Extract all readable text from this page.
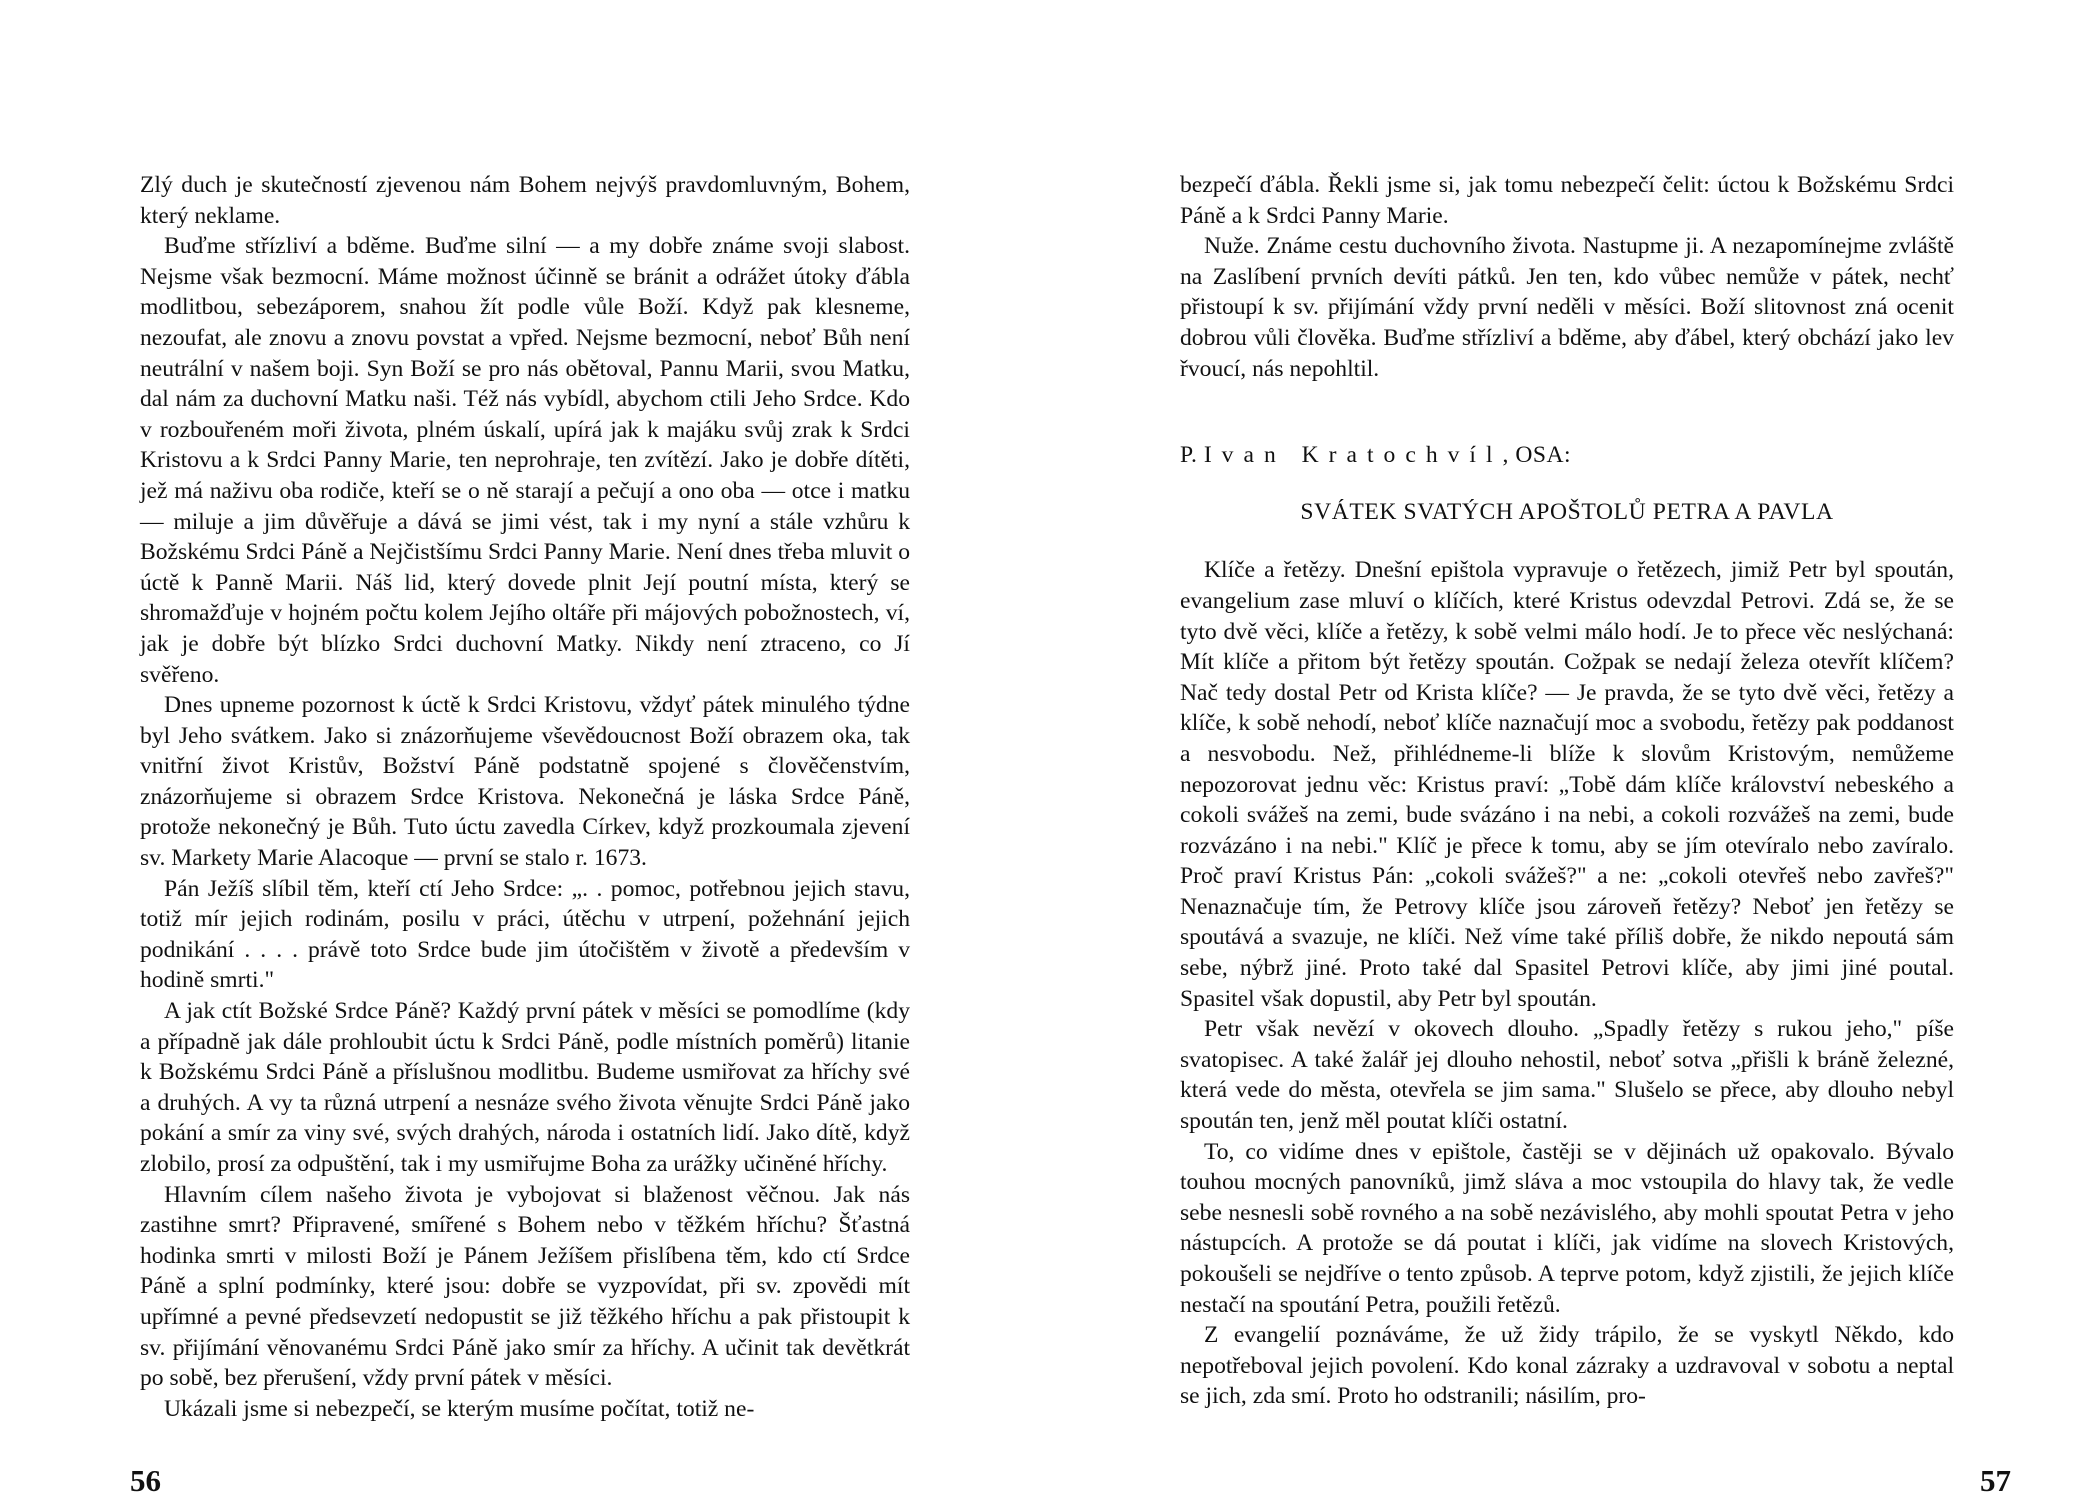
Zlý duch je skutečností zjevenou nám Bohem nejvýš pravdomluvným, Bohem, který neklame.

Buďme střízliví a bděme. Buďme silní — a my dobře známe svoji slabost. Nejsme však bezmocní. Máme možnost účinně se bránit a odrážet útoky ďábla modlitbou, sebezáporem, snahou žít podle vůle Boží. Když pak klesneme, nezoufat, ale znovu a znovu povstat a vpřed. Nejsme bezmocní, neboť Bůh není neutrální v našem boji. Syn Boží se pro nás obětoval, Pannu Marii, svou Matku, dal nám za duchovní Matku naši. Též nás vybídl, abychom ctili Jeho Srdce. Kdo v rozbouřeném moři života, plném úskalí, upírá jak k majáku svůj zrak k Srdci Kristovu a k Srdci Panny Marie, ten neprohraje, ten zvítězí. Jako je dobře dítěti, jež má naživu oba rodiče, kteří se o ně starají a pečují a ono oba — otce i matku — miluje a jim důvěřuje a dává se jimi vést, tak i my nyní a stále vzhůru k Božskému Srdci Páně a Nejčistšímu Srdci Panny Marie. Není dnes třeba mluvit o úctě k Panně Marii. Náš lid, který dovede plnit Její poutní místa, který se shromažďuje v hojném počtu kolem Jejího oltáře při májových pobožnostech, ví, jak je dobře být blízko Srdci duchovní Matky. Nikdy není ztraceno, co Jí svěřeno.

Dnes upneme pozornost k úctě k Srdci Kristovu, vždyť pátek minulého týdne byl Jeho svátkem. Jako si znázorňujeme vševědoucnost Boží obrazem oka, tak vnitřní život Kristův, Božství Páně podstatně spojené s člověčenstvím, znázorňujeme si obrazem Srdce Kristova. Nekonečná je láska Srdce Páně, protože nekonečný je Bůh. Tuto úctu zavedla Církev, když prozkoumala zjevení sv. Markety Marie Alacoque — první se stalo r. 1673.

Pán Ježíš slíbil těm, kteří ctí Jeho Srdce: „. . pomoc, potřebnou jejich stavu, totiž mír jejich rodinám, posilu v práci, útěchu v utrpení, požehnání jejich podnikání . . . . právě toto Srdce bude jim útočištěm v životě a především v hodině smrti."

A jak ctít Božské Srdce Páně? Každý první pátek v měsíci se pomodlíme (kdy a případně jak dále prohloubit úctu k Srdci Páně, podle místních poměrů) litanie k Božskému Srdci Páně a příslušnou modlitbu. Budeme usmiřovat za hříchy své a druhých. A vy ta různá utrpení a nesnáze svého života věnujte Srdci Páně jako pokání a smír za viny své, svých drahých, národa i ostatních lidí. Jako dítě, když zlobilo, prosí za odpuštění, tak i my usmiřujme Boha za urážky učiněné hříchy.

Hlavním cílem našeho života je vybojovat si blaženost věčnou. Jak nás zastihne smrt? Připravené, smířené s Bohem nebo v těžkém hříchu? Šťastná hodinka smrti v milosti Boží je Pánem Ježíšem přislíbena těm, kdo ctí Srdce Páně a splní podmínky, které jsou: dobře se vyzpovídat, při sv. zpovědi mít upřímné a pevné předsevzetí nedopustit se již těžkého hříchu a pak přistoupit k sv. přijímání věnovanému Srdci Páně jako smír za hříchy. A učinit tak devětkrát po sobě, bez přerušení, vždy první pátek v měsíci.

Ukázali jsme si nebezpečí, se kterým musíme počítat, totiž ne-

56

bezpečí ďábla. Řekli jsme si, jak tomu nebezpečí čelit: úctou k Božskému Srdci Páně a k Srdci Panny Marie.

Nuže. Známe cestu duchovního života. Nastupme ji. A nezapomínejme zvláště na Zaslíbení prvních devíti pátků. Jen ten, kdo vůbec nemůže v pátek, nechť přistoupí k sv. přijímání vždy první neděli v měsíci. Boží slitovnost zná ocenit dobrou vůli člověka. Buďme střízliví a bděme, aby ďábel, který obchází jako lev řvoucí, nás nepohltil.

P. Ivan Kratochvíl, OSA:
SVÁTEK SVATÝCH APOŠTOLŮ PETRA A PAVLA

Klíče a řetězy. Dnešní epištola vypravuje o řetězech, jimiž Petr byl spoután, evangelium zase mluví o klíčích, které Kristus odevzdal Petrovi. Zdá se, že se tyto dvě věci, klíče a řetězy, k sobě velmi málo hodí. Je to přece věc neslýchaná: Mít klíče a přitom být řetězy spoután. Cožpak se nedají železa otevřít klíčem? Nač tedy dostal Petr od Krista klíče? — Je pravda, že se tyto dvě věci, řetězy a klíče, k sobě nehodí, neboť klíče naznačují moc a svobodu, řetězy pak poddanost a nesvobodu. Než, přihlédneme-li blíže k slovům Kristovým, nemůžeme nepozorovat jednu věc: Kristus praví: „Tobě dám klíče království nebeského a cokoli svážeš na zemi, bude svázáno i na nebi, a cokoli rozvážeš na zemi, bude rozvázáno i na nebi." Klíč je přece k tomu, aby se jím otevíralo nebo zavíralo. Proč praví Kristus Pán: „cokoli svážeš?" a ne: „cokoli otevřeš nebo zavřeš?" Nenaznačuje tím, že Petrovy klíče jsou zároveň řetězy? Neboť jen řetězy se spoutává a svazuje, ne klíči. Než víme také příliš dobře, že nikdo nepoutá sám sebe, nýbrž jiné. Proto také dal Spasitel Petrovi klíče, aby jimi jiné poutal. Spasitel však dopustil, aby Petr byl spoután.

Petr však nevězí v okovech dlouho. „Spadly řetězy s rukou jeho," píše svatopisec. A také žalář jej dlouho nehostil, neboť sotva „přišli k bráně železné, která vede do města, otevřela se jim sama." Slušelo se přece, aby dlouho nebyl spoután ten, jenž měl poutat klíči ostatní.

To, co vidíme dnes v epištole, častěji se v dějinách už opakovalo. Bývalo touhou mocných panovníků, jimž sláva a moc vstoupila do hlavy tak, že vedle sebe nesnesli sobě rovného a na sobě nezávislého, aby mohli spoutat Petra v jeho nástupcích. A protože se dá poutat i klíči, jak vidíme na slovech Kristových, pokoušeli se nejdříve o tento způsob. A teprve potom, když zjistili, že jejich klíče nestačí na spoutání Petra, použili řetězů.

Z evangelií poznáváme, že už židy trápilo, že se vyskytl Někdo, kdo nepotřeboval jejich povolení. Kdo konal zázraky a uzdravoval v sobotu a neptal se jich, zda smí. Proto ho odstranili; násilím, pro-

57
